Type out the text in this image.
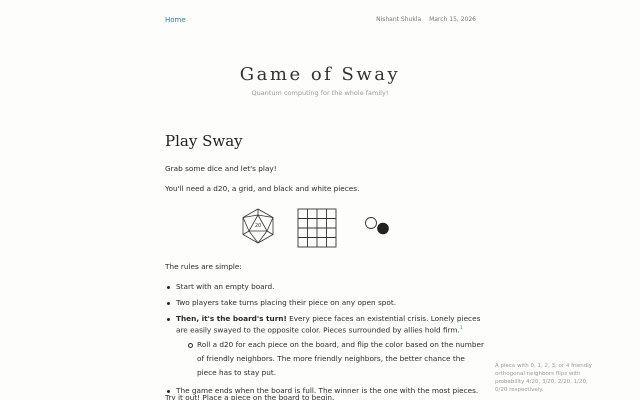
Home	Nishant Shukla March 15, 2026
Game of Sway
Quantum computing for the whole family!
Play Sway

Grab some dice and let's play!

You'll need a d20, a grid, and black and white pieces.

20

The rules are simple:

Start with an empty board.
Two players take turns placing their piece on any open spot.
Then, it's the board's turn! Every piece faces an existential crisis. Lonely pieces are easily swayed to the opposite color. Pieces surrounded by allies hold firm.$^1$
Roll a d20 for each piece on the board, and flip the color based on the number of friendly neighbors. The more friendly neighbors, the better chance the piece has to stay put.
The game ends when the board is full. The winner is the one with the most pieces.
Try it out! Place a piece on the board to begin.
A piece with 0, 1, 2, 3, or 4 friendly orthogonal neighbors flips with probability 4/20, 3/20, 2/20, 1/20, 0/20 respectively.
